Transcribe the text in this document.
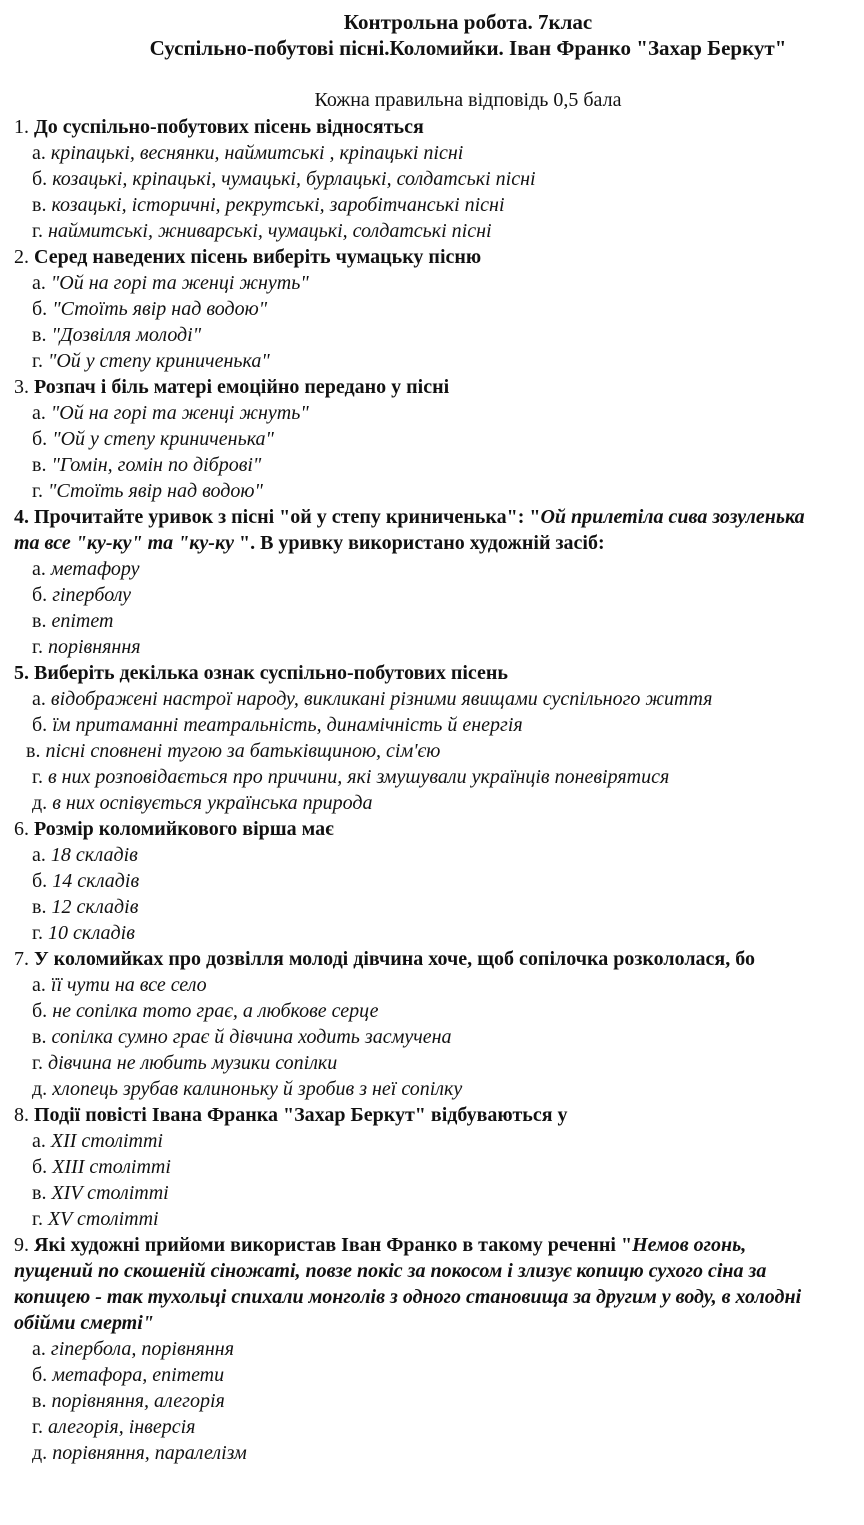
Контрольна робота. 7клас
Суспільно-побутові пісні.Коломийки. Іван Франко "Захар Беркут"
Кожна правильна відповідь 0,5 бала
1. До суспільно-побутових пісень відносяться
а. кріпацькі, веснянки, наймитські , кріпацькі пісні
б. козацькі, кріпацькі, чумацькі, бурлацькі, солдатські пісні
в. козацькі, історичні, рекрутські, заробітчанські пісні
г. наймитські, жниварські, чумацькі, солдатські пісні
2. Серед наведених пісень виберіть чумацьку пісню
а. "Ой на горі та женці жнуть"
б. "Стоїть явір над водою"
в. "Дозвілля молоді"
г. "Ой у степу криниченька"
3. Розпач і біль матері емоційно передано у пісні
а. "Ой на горі та женці жнуть"
б. "Ой у степу криниченька"
в. "Гомін, гомін по діброві"
г. "Стоїть явір над водою"
4. Прочитайте уривок з пісні "ой у степу криниченька": "Ой прилетіла сива зозуленька
та все "ку-ку" та "ку-ку ". В уривку використано художній засіб:
а. метафору
б. гіперболу
в. епітет
г. порівняння
5. Виберіть декілька ознак суспільно-побутових пісень
а. відображені настрої народу, викликані різними явищами суспільного життя
б. їм притаманні театральність, динамічність й енергія
в. пісні сповнені тугою за батьківщиною, сім'єю
г. в них розповідається про причини, які змушували українців поневірятися
д. в них оспівується українська природа
6. Розмір коломийкового вірша має
а. 18 складів
б. 14 складів
в. 12 складів
г. 10 складів
7. У коломийках про дозвілля молоді дівчина хоче, щоб сопілочка розкололася, бо
а. її чути на все село
б. не сопілка тото грає, а любкове серце
в. сопілка сумно грає й дівчина ходить засмучена
г. дівчина не любить музики сопілки
д. хлопець зрубав калиноньку й зробив з неї сопілку
8. Події повісті Івана Франка "Захар Беркут" відбуваються у
а. XII столітті
б. XIII столітті
в. XIV столітті
г. XV столітті
9. Які художні прийоми використав Іван Франко в такому реченні "Немов огонь,
пущений по скошеній сіножаті, повзе покіс за покосом і злизує копицю сухого сіна за
копицею - так тухольці спихали монголів з одного становища за другим у воду, в холодні
обійми смерті"
а. гіпербола, порівняння
б. метафора, епітети
в. порівняння, алегорія
г. алегорія, інверсія
д. порівняння, паралелізм
